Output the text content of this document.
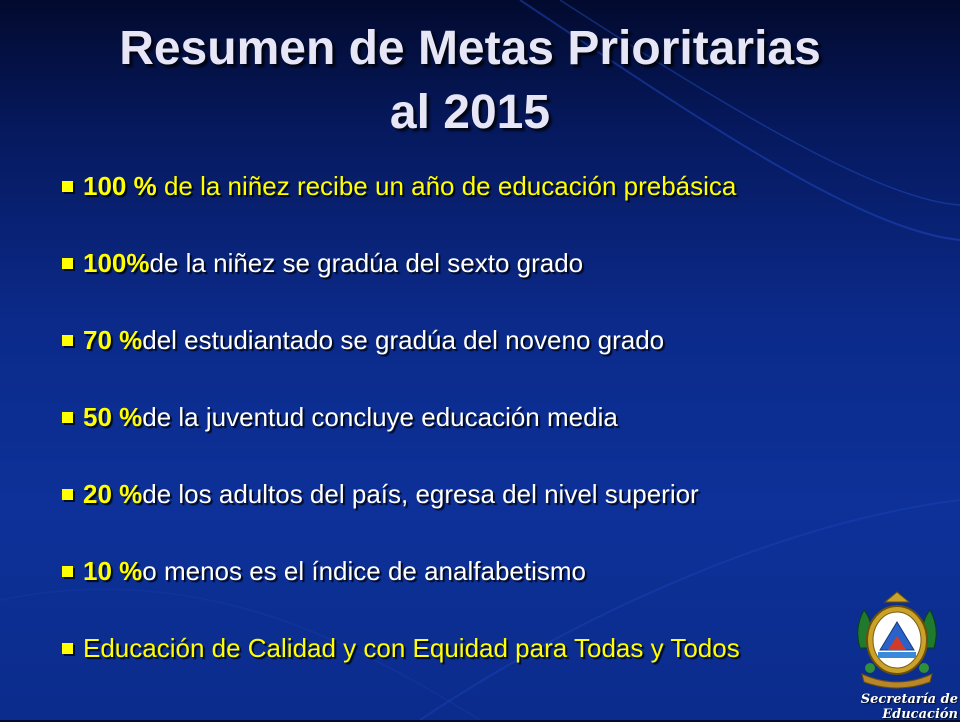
Resumen de Metas Prioritarias
al 2015
100 % de la niñez recibe un año de educación prebásica
100% de la niñez se gradúa del sexto grado
70 % del estudiantado se gradúa del noveno grado
50 % de la juventud concluye educación media
20 % de los adultos del país, egresa del nivel superior
10 % o menos es el índice de analfabetismo
Educación de Calidad y con Equidad para Todas y Todos
Secretaría de Educación
